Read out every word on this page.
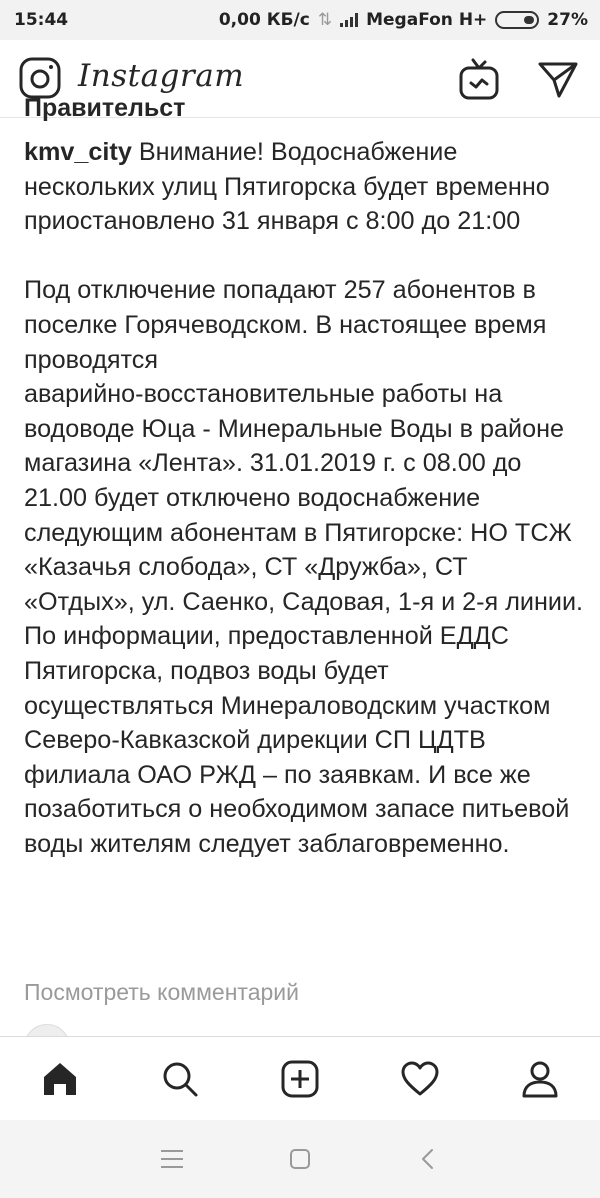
15:44	0,00 КБ/с ⇅ MegaFon H+	27%
Instagram
Правительст
kmv_city Внимание! Водоснабжение нескольких улиц Пятигорска будет временно приостановлено 31 января с 8:00 до 21:00

Под отключение попадают 257 абонентов в поселке Горячеводском. В настоящее время проводятся
аварийно-восстановительные работы на водоводе Юца - Минеральные Воды в районе магазина «Лента». 31.01.2019 г. с 08.00 до 21.00 будет отключено водоснабжение следующим абонентам в Пятигорске: НО ТСЖ «Казачья слобода», СТ «Дружба», СТ «Отдых», ул. Саенко, Садовая, 1-я и 2-я линии.
По информации, предоставленной ЕДДС Пятигорска, подвоз воды будет осуществляться Минераловодским участком Северо-Кавказской дирекции СП ЦДТВ филиала ОАО РЖД – по заявкам. И все же позаботиться о необходимом запасе питьевой воды жителям следует заблаговременно.
Посмотреть комментарий
